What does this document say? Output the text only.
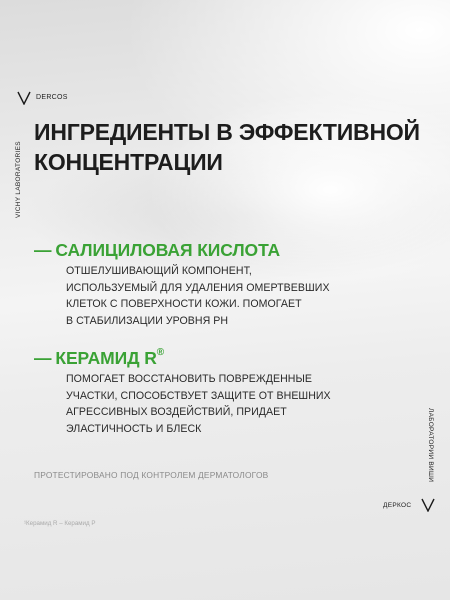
DERCOS
VICHY LABORATORIES
ИНГРЕДИЕНТЫ В ЭФФЕКТИВНОЙ
КОНЦЕНТРАЦИИ
— САЛИЦИЛОВАЯ КИСЛОТА
ОТШЕЛУШИВАЮЩИЙ КОМПОНЕНТ,
ИСПОЛЬЗУЕМЫЙ ДЛЯ УДАЛЕНИЯ ОМЕРТВЕВШИХ
КЛЕТОК С ПОВЕРХНОСТИ КОЖИ. ПОМОГАЕТ
В СТАБИЛИЗАЦИИ УРОВНЯ PH
— КЕРАМИД R®
ПОМОГАЕТ ВОССТАНОВИТЬ ПОВРЕЖДЕННЫЕ
УЧАСТКИ, СПОСОБСТВУЕТ ЗАЩИТЕ ОТ ВНЕШНИХ
АГРЕССИВНЫХ ВОЗДЕЙСТВИЙ, ПРИДАЕТ
ЭЛАСТИЧНОСТЬ И БЛЕСК
ПРОТЕСТИРОВАНО ПОД КОНТРОЛЕМ ДЕРМАТОЛОГОВ
¹Керамид R – Керамид Р
ЛАБОРАТОРИИ ВИШИ
ДЕРКОС
